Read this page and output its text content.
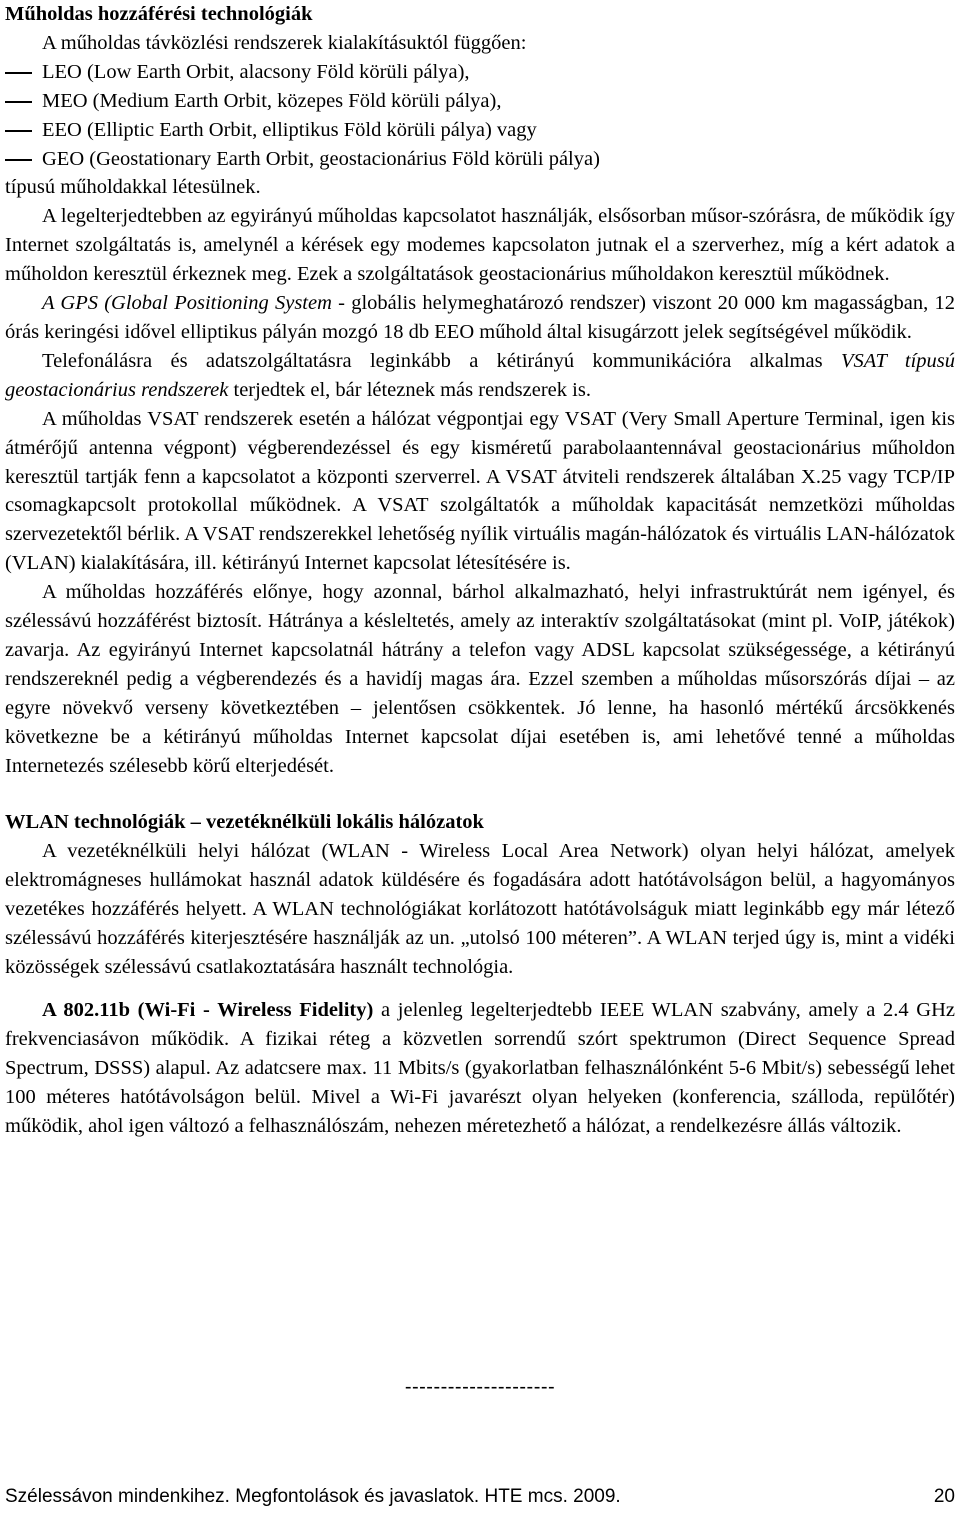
Műholdas hozzáférési technológiák

A műholdas távközlési rendszerek kialakításuktól függően:

LEO (Low Earth Orbit, alacsony Föld körüli pálya),
MEO (Medium Earth Orbit, közepes Föld körüli pálya),
EEO (Elliptic Earth Orbit, elliptikus Föld körüli pálya) vagy
GEO (Geostationary Earth Orbit, geostacionárius Föld körüli pálya)

típusú műholdakkal létesülnek.

A legelterjedtebben az egyirányú műholdas kapcsolatot használják, elsősorban műsor-szórásra, de működik így Internet szolgáltatás is, amelynél a kérések egy modemes kapcsolaton jutnak el a szerverhez, míg a kért adatok a műholdon keresztül érkeznek meg. Ezek a szolgáltatások geostacionárius műholdakon keresztül működnek.

A GPS (Global Positioning System - globális helymeghatározó rendszer) viszont 20 000 km magasságban, 12 órás keringési idővel elliptikus pályán mozgó 18 db EEO műhold által kisugárzott jelek segítségével működik.

Telefonálásra és adatszolgáltatásra leginkább a kétirányú kommunikációra alkalmas VSAT típusú geostacionárius rendszerek terjedtek el, bár léteznek más rendszerek is.

A műholdas VSAT rendszerek esetén a hálózat végpontjai egy VSAT (Very Small Aperture Terminal, igen kis átmérőjű antenna végpont) végberendezéssel és egy kisméretű parabolaantennával geostacionárius műholdon keresztül tartják fenn a kapcsolatot a központi szerverrel. A VSAT átviteli rendszerek általában X.25 vagy TCP/IP csomagkapcsolt protokollal működnek. A VSAT szolgáltatók a műholdak kapacitását nemzetközi műholdas szervezetektől bérlik. A VSAT rendszerekkel lehetőség nyílik virtuális magán-hálózatok és virtuális LAN-hálózatok (VLAN) kialakítására, ill. kétirányú Internet kapcsolat létesítésére is.

A műholdas hozzáférés előnye, hogy azonnal, bárhol alkalmazható, helyi infrastruktúrát nem igényel, és szélessávú hozzáférést biztosít. Hátránya a késleltetés, amely az interaktív szolgáltatásokat (mint pl. VoIP, játékok) zavarja. Az egyirányú Internet kapcsolatnál hátrány a telefon vagy ADSL kapcsolat szükségessége, a kétirányú rendszereknél pedig a végberendezés és a havidíj magas ára. Ezzel szemben a műholdas műsorszórás díjai – az egyre növekvő verseny következtében – jelentősen csökkentek. Jó lenne, ha hasonló mértékű árcsökkenés következne be a kétirányú műholdas Internet kapcsolat díjai esetében is, ami lehetővé tenné a műholdas Internetezés szélesebb körű elterjedését.

WLAN technológiák – vezetéknélküli lokális hálózatok

A vezetéknélküli helyi hálózat (WLAN - Wireless Local Area Network) olyan helyi hálózat, amelyek elektromágneses hullámokat használ adatok küldésére és fogadására adott hatótávolságon belül, a hagyományos vezetékes hozzáférés helyett. A WLAN technológiákat korlátozott hatótávolságuk miatt leginkább egy már létező szélessávú hozzáférés kiterjesztésére használják az un. „utolsó 100 méteren”. A WLAN terjed úgy is, mint a vidéki közösségek szélessávú csatlakoztatására használt technológia.

A 802.11b (Wi-Fi - Wireless Fidelity) a jelenleg legelterjedtebb IEEE WLAN szabvány, amely a 2.4 GHz frekvenciasávon működik. A fizikai réteg a közvetlen sorrendű szórt spektrumon (Direct Sequence Spread Spectrum, DSSS) alapul. Az adatcsere max. 11 Mbits/s (gyakorlatban felhasználónként 5-6 Mbit/s) sebességű lehet 100 méteres hatótávolságon belül. Mivel a Wi-Fi javarészt olyan helyeken (konferencia, szálloda, repülőtér) működik, ahol igen változó a felhasználószám, nehezen méretezhető a hálózat, a rendelkezésre állás változik.

---------------------
Szélessávon mindenkihez. Megfontolások és javaslatok. HTE mcs. 2009.	20
